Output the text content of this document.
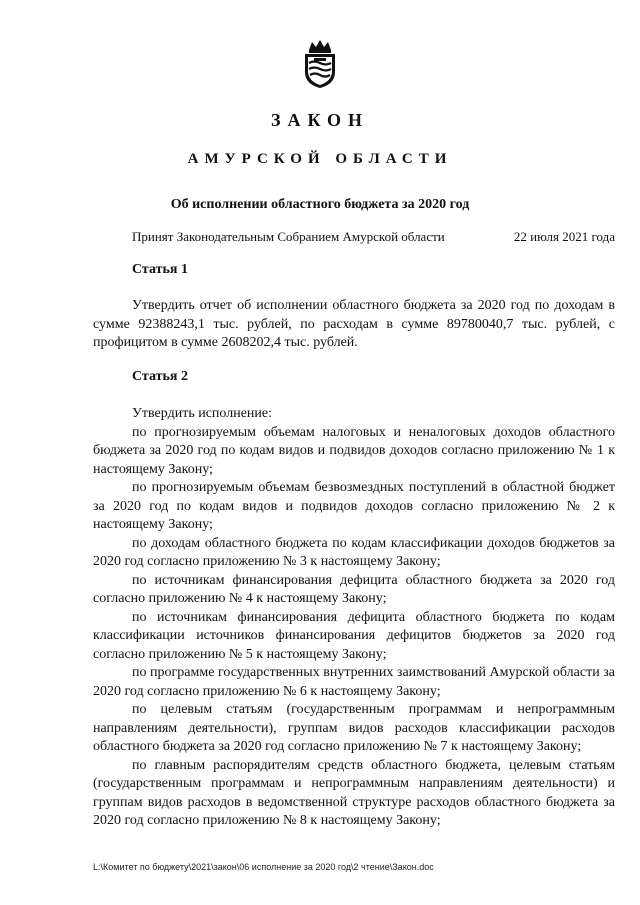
ЗАКОН
АМУРСКОЙ ОБЛАСТИ
Об исполнении областного бюджета за 2020 год
Принят Законодательным Собранием Амурской области	22 июля 2021 года
Статья 1
Утвердить отчет об исполнении областного бюджета за 2020 год по доходам в сумме 92388243,1 тыс. рублей, по расходам в сумме 89780040,7 тыс. рублей, с профицитом в сумме 2608202,4 тыс. рублей.
Статья 2

Утвердить исполнение:

по прогнозируемым объемам налоговых и неналоговых доходов областного бюджета за 2020 год по кодам видов и подвидов доходов согласно приложению № 1 к настоящему Закону;

по прогнозируемым объемам безвозмездных поступлений в областной бюджет за 2020 год по кодам видов и подвидов доходов согласно приложению № 2 к настоящему Закону;

по доходам областного бюджета по кодам классификации доходов бюджетов за 2020 год согласно приложению № 3 к настоящему Закону;

по источникам финансирования дефицита областного бюджета за 2020 год согласно приложению № 4 к настоящему Закону;

по источникам финансирования дефицита областного бюджета по кодам классификации источников финансирования дефицитов бюджетов за 2020 год согласно приложению № 5 к настоящему Закону;

по программе государственных внутренних заимствований Амурской области за 2020 год согласно приложению № 6 к настоящему Закону;

по целевым статьям (государственным программам и непрограммным направлениям деятельности), группам видов расходов классификации расходов областного бюджета за 2020 год согласно приложению № 7 к настоящему Закону;

по главным распорядителям средств областного бюджета, целевым статьям (государственным программам и непрограммным направлениям деятельности) и группам видов расходов в ведомственной структуре расходов областного бюджета за 2020 год согласно приложению № 8 к настоящему Закону;

L:\Комитет по бюджету\2021\закон\06 исполнение за 2020 год\2 чтение\Закон.doc
